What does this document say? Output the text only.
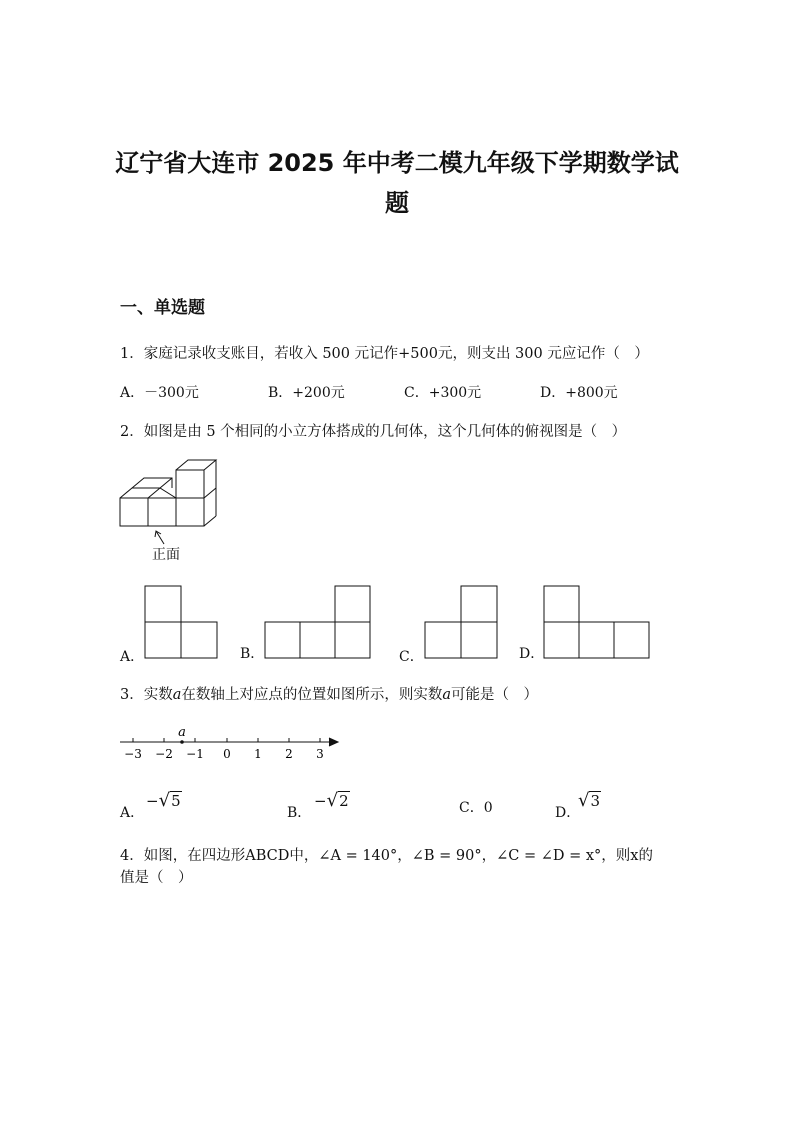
辽宁省大连市 2025 年中考二模九年级下学期数学试
题
一、单选题
1．家庭记录收支账目，若收入 500 元记作+500元，则支出 300 元应记作（　）
A．－300元	B．+200元	C．+300元	D．+800元
2．如图是由 5 个相同的小立方体搭成的几何体，这个几何体的俯视图是（　）
正面
A．	B．	C．	D．
3．实数a在数轴上对应点的位置如图所示，则实数a可能是（　）
a
−3 −2 −1 0 1 2 3
A．
−√5
B．
−√2	C．0	D．
√3
4．如图，在四边形ABCD中，∠A = 140°，∠B = 90°，∠C = ∠D = x°，则x的
值是（　）
